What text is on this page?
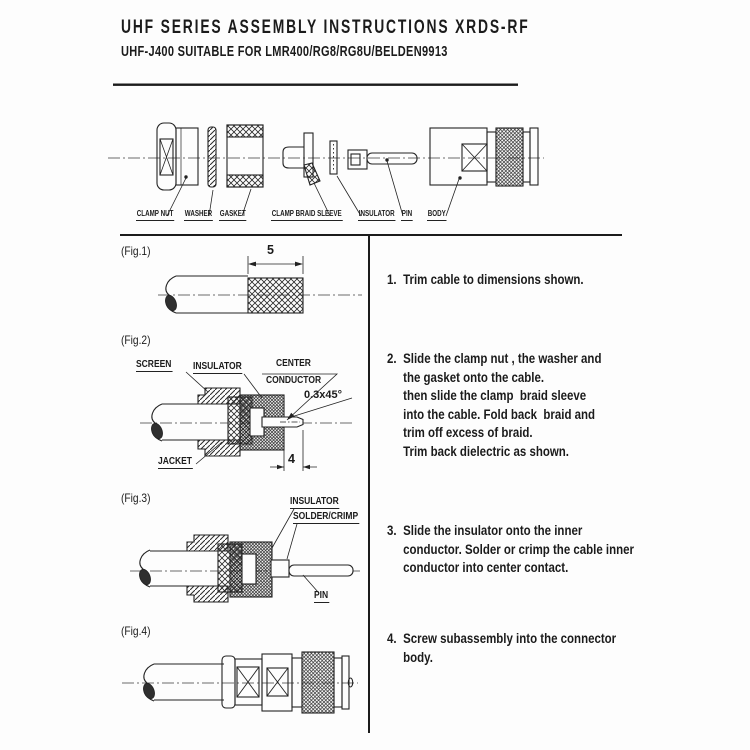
UHF SERIES ASSEMBLY INSTRUCTIONS XRDS-RF
UHF-J400 SUITABLE FOR LMR400/RG8/RG8U/BELDEN9913
CLAMP NUT WASHER GASKET	CLAMP BRAID SLEEVE INSULATOR PIN BODY
(Fig.1)
(Fig.2)
(Fig.3)
(Fig.4)
5
SCREEN INSULATOR	CENTER
CONDUCTOR
0.3x45°
JACKET	4
INSULATOR
SOLDER/CRIMP
PIN
1. Trim cable to dimensions shown.
2. Slide the clamp nut , the washer and
the gasket onto the cable.
then slide the clamp  braid sleeve
into the cable. Fold back  braid and
trim off excess of braid.
Trim back dielectric as shown.
3. Slide the insulator onto the inner
conductor. Solder or crimp the cable inner
conductor into center contact.
4. Screw subassembly into the connector
body.
